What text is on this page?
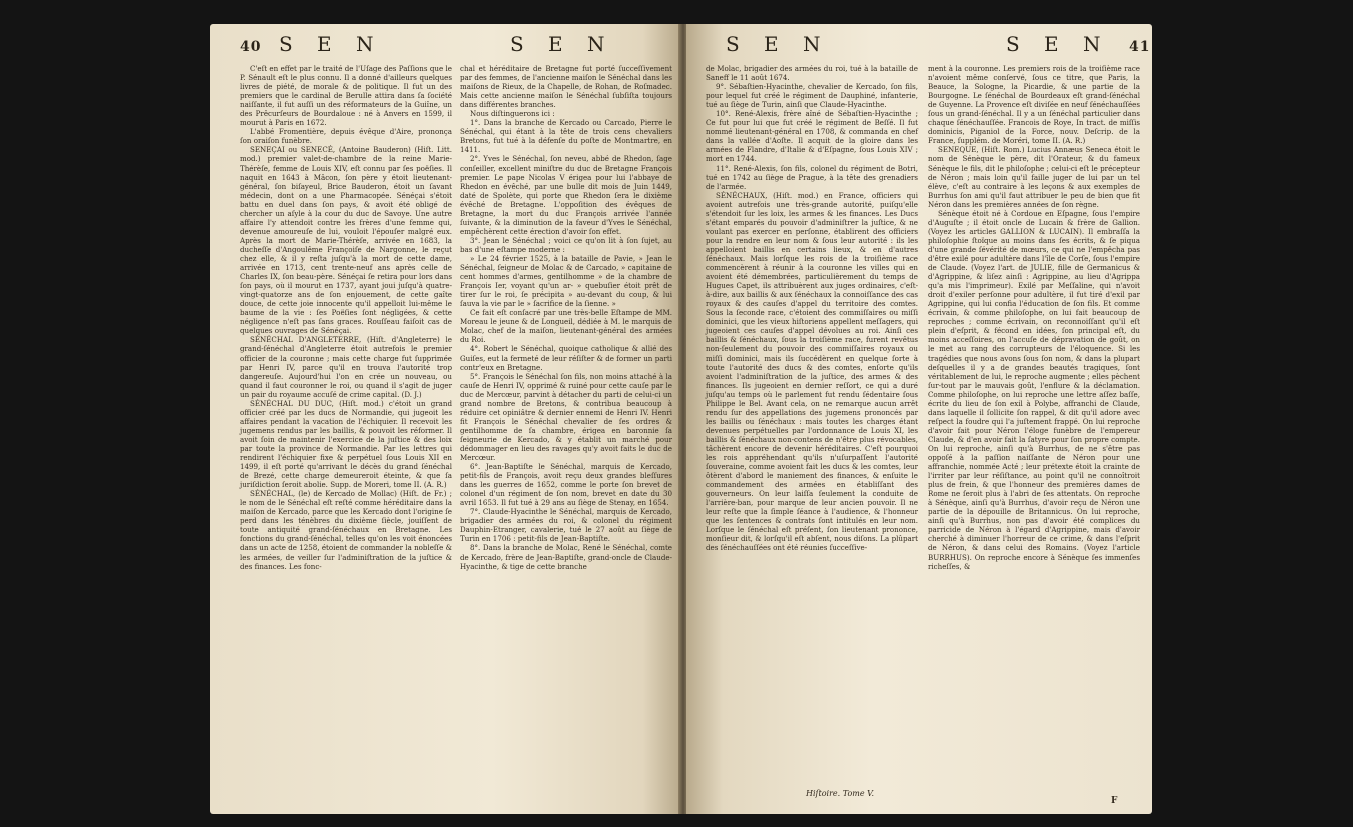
40 S E N	S E N

C'eſt en effet par le traité de l'Uſage des Paſſions que le P. Sénault eſt le plus connu. Il a donné d'ailleurs quelques livres de piété, de morale & de politique. Il fut un des premiers que le cardinal de Berulle attira dans ſa ſociété naiſſante, il fut auſſi un des réformateurs de la Guiîne, un des Prêcurſeurs de Bourdaloue : né à Anvers en 1599, il mourut à Paris en 1672.

L'abbé Fromentière, depuis évêque d'Aire, prononça ſon oraiſon funèbre.

SENEÇAI ou SENECÉ, (Antoine Bauderon) (Hiſt. Litt. mod.) premier valet-de-chambre de la reine Marie-Thérèſe, femme de Louis XIV, eſt connu par ſes poëſies. Il naquit en 1643 à Mâcon, ſon père y étoit lieutenant-général, ſon biſayeul, Brice Bauderon, étoit un ſavant médecin, dont on a une Pharmacopée. Sénéçai s'étoit battu en duel dans ſon pays, & avoit été obligé de chercher un aſyle à la cour du duc de Savoye. Une autre affaire l'y attendoit contre les frères d'une femme qui, devenue amoureuſe de lui, vouloit l'épouſer malgré eux. Après la mort de Marie-Thérèſe, arrivée en 1683, la ducheſſe d'Angoulême Françoiſe de Nargonne, le reçut chez elle, & il y reſta juſqu'à la mort de cette dame, arrivée en 1713, cent trente-neuf ans après celle de Charles IX, ſon beau-père. Sénéçai ſe retira pour lors dans ſon pays, où il mourut en 1737, ayant joui juſqu'à quatre-vingt-quatorze ans de ſon enjouement, de cette gaîte douce, de cette joie innocente qu'il appelloit lui-même le baume de la vie : ſes Poëſies ſont négligées, & cette négligence n'eſt pas ſans graces. Rouſſeau faiſoit cas de quelques ouvrages de Sénéçai.

SÉNÉCHAL D'ANGLETERRE, (Hiſt. d'Angleterre) le grand-ſénéchal d'Angleterre étoit autrefois le premier officier de la couronne ; mais cette charge fut ſupprimée par Henri IV, parce qu'il en trouva l'autorité trop dangereuſe. Aujourd'hui l'on en crée un nouveau, ou quand il faut couronner le roi, ou quand il s'agit de juger un pair du royaume accuſé de crime capital. (D. J.)

SÉNÉCHAL DU DUC, (Hiſt. mod.) c'étoit un grand officier créé par les ducs de Normandie, qui jugeoit les affaires pendant la vacation de l'échiquier. Il recevoit les jugemens rendus par les baillis, & pouvoit les réformer. Il avoit ſoin de maintenir l'exercice de la juſtice & des loix par toute la province de Normandie. Par les lettres qui rendirent l'échiquier fixe & perpétuel ſous Louis XII en 1499, il eſt porté qu'arrivant le décès du grand ſénéchal de Brezé, cette charge demeureroit éteinte, & que ſa juriſdiction ſeroit abolie. Supp. de Moreri, tome II. (A. R.)

SÉNÉCHAL, (le) de Kercado de Mollac) (Hiſt. de Fr.) ; le nom de le Sénéchal eſt reſté comme héréditaire dans la maiſon de Kercado, parce que les Kercado dont l'origine ſe perd dans les ténèbres du dixième ſiècle, jouiſſent de toute antiquité grand-ſénéchaux en Bretagne. Les fonctions du grand-ſénéchal, telles qu'on les voit énoncées dans un acte de 1258, étoient de commander la nobleſſe & les armées, de veiller ſur l'adminiſtration de la juſtice & des finances. Les fonc-

chal et héréditaire de Bretagne fut porté ſucceſſivement par des femmes, de l'ancienne maiſon le Sénéchal dans les maiſons de Rieux, de la Chapelle, de Rohan, de Roſmadec. Mais cette ancienne maiſon le Sénéchal ſubſiſta toujours dans différentes branches.

Nous diſtinguerons ici :

1°. Dans la branche de Kercado ou Carcado, Pierre le Sénéchal, qui étant à la tête de trois cens chevaliers Bretons, fut tué à la défenſe du poſte de Montmartre, en 1411.

2°. Yves le Sénéchal, ſon neveu, abbé de Rhedon, ſage conſeiller, excellent miniſtre du duc de Bretagne François premier. Le pape Nicolas V érigea pour lui l'abbaye de Rhedon en évêché, par une bulle dit mois de Juin 1449, daté de Spolète, qui porte que Rhedon ſera le dixième évêché de Bretagne. L'oppoſition des évêques de Bretagne, la mort du duc François arrivée l'année ſuivante, & la diminution de la faveur d'Yves le Sénéchal, empêchèrent cette érection d'avoir ſon effet.

3°. Jean le Sénéchal ; voici ce qu'on lit à ſon ſujet, au bas d'une eſtampe moderne :

» Le 24 février 1525, à la bataille de Pavie, » Jean le Sénéchal, ſeigneur de Molac & de Carcado, » capitaine de cent hommes d'armes, gentilhomme » de la chambre de François Ier, voyant qu'un ar- » quebuſier étoit prêt de tirer ſur le roi, ſe précipita » au-devant du coup, & lui ſauva la vie par le » ſacrifice de la ſienne. »

Ce fait eſt conſacré par une très-belle Eſtampe de MM. Moreau le jeune & de Longueil, dédiée à M. le marquis de Molac, chef de la maiſon, lieutenant-général des armées du Roi.

4°. Robert le Sénéchal, quoique catholique & allié des Guiſes, eut la fermeté de leur réſiſter & de former un parti contr'eux en Bretagne.

5°. François le Sénéchal ſon fils, non moins attaché à la cauſe de Henri IV, opprimé & ruiné pour cette cauſe par le duc de Mercœur, parvint à détacher du parti de celui-ci un grand nombre de Bretons, & contribua beaucoup à réduire cet opiniâtre & dernier ennemi de Henri IV. Henri fit François le Sénéchal chevalier de ſes ordres & gentilhomme de ſa chambre, érigea en baronnie ſa ſeigneurie de Kercado, & y établit un marché pour dédommager en lieu des ravages qu'y avoit faits le duc de Mercœur.

6°. Jean-Baptiſte le Sénéchal, marquis de Kercado, petit-fils de François, avoit reçu deux grandes bleſſures dans les guerres de 1652, comme le porte ſon brevet de colonel d'un régiment de ſon nom, brevet en date du 30 avril 1653. Il fut tué à 29 ans au ſiège de Stenay, en 1654.

7°. Claude-Hyacinthe le Sénéchal, marquis de Kercado, brigadier des armées du roi, & colonel du régiment Dauphin-Etranger, cavalerie, tué le 27 août au ſiège de Turin en 1706 : petit-fils de Jean-Baptiſte.

8°. Dans la branche de Molac, René le Sénéchal, comte de Kercado, frère de Jean-Baptiſte, grand-oncle de Claude-Hyacinthe, & tige de cette branche

S E N	S E N 41

de Molac, brigadier des armées du roi, tué à la bataille de Saneff le 11 août 1674.

9°. Sébaſtien-Hyacinthe, chevalier de Kercado, ſon fils, pour lequel fut créé le régiment de Dauphiné, infanterie, tué au ſiège de Turin, ainſi que Claude-Hyacinthe.

10°. René-Alexis, frère aîné de Sébaſtien-Hyacinthe ; Ce fut pour lui que fut créé le régiment de Beſſé. Il fut nommé lieutenant-général en 1708, & commanda en chef dans la vallée d'Aoſte. Il acquit de la gloire dans les armées de Flandre, d'Italie & d'Eſpagne, ſous Louis XIV ; mort en 1744.

11°. René-Alexis, ſon fils, colonel du régiment de Botri, tué en 1742 au ſiège de Prague, à la tête des grenadiers de l'armée.

SÉNÉCHAUX, (Hiſt. mod.) en France, officiers qui avoient autrefois une très-grande autorité, puiſqu'elle s'étendoit ſur les loix, les armes & les finances. Les Ducs s'étant emparés du pouvoir d'adminiſtrer la juſtice, & ne voulant pas exercer en perſonne, établirent des officiers pour la rendre en leur nom & ſous leur autorité : ils les appelloient baillis en certains lieux, & en d'autres ſénéchaux. Mais lorſque les rois de la troiſième race commencèrent à réunir à la couronne les villes qui en avoient été démembrées, particulièrement du temps de Hugues Capet, ils attribuèrent aux juges ordinaires, c'eſt-à-dire, aux baillis & aux ſénéchaux la connoiſſance des cas royaux & des cauſes d'appel du territoire des comtes. Sous la ſeconde race, c'étoient des commiſſaires ou miſſi dominici, que les vieux hiſtoriens appellent meſſagers, qui jugeoient ces cauſes d'appel dévolues au roi. Ainſi ces baillis & ſénéchaux, ſous la troiſième race, furent revêtus non-ſeulement du pouvoir des commiſſaires royaux ou miſſi dominici, mais ils ſuccédèrent en quelque ſorte à toute l'autorité des ducs & des comtes, enſorte qu'ils avoient l'adminiſtration de la juſtice, des armes & des finances. Ils jugeoient en dernier reſſort, ce qui a duré juſqu'au temps où le parlement fut rendu ſédentaire ſous Philippe le Bel. Avant cela, on ne remarque aucun arrêt rendu ſur des appellations des jugemens prononcés par les baillis ou ſénéchaux : mais toutes les charges étant devenues perpétuelles par l'ordonnance de Louis XI, les baillis & ſénéchaux non-contens de n'être plus révocables, tâchèrent encore de devenir héréditaires. C'eſt pourquoi les rois appréhendant qu'ils n'uſurpaſſent l'autorité ſouveraine, comme avoient fait les ducs & les comtes, leur ôtèrent d'abord le maniement des finances, & enſuite le commandement des armées en établiſſant des gouverneurs. On leur laiſſa ſeulement la conduite de l'arrière-ban, pour marque de leur ancien pouvoir. Il ne leur reſte que la ſimple ſéance à l'audience, & l'honneur que les ſentences & contrats ſont intitulés en leur nom. Lorſque le ſénéchal eſt préſent, ſon lieutenant prononce, monſieur dit, & lorſqu'il eſt abſent, nous diſons. La plûpart des ſénéchauſſées ont été réunies ſucceſſive-

ment à la couronne. Les premiers rois de la troiſième race n'avoient même conſervé, ſous ce titre, que Paris, la Beauce, la Sologne, la Picardie, & une partie de la Bourgogne. Le ſénéchal de Bourdeaux eſt grand-ſénéchal de Guyenne. La Provence eſt diviſée en neuf ſénéchauſſées ſous un grand-ſénéchal. Il y a un ſénéchal particulier dans chaque ſénéchauſſée. Francois de Roye, In tract. de miſſis dominicis, Piganiol de la Force, nouv. Deſcrip. de la France, ſupplém. de Moréri, tome II. (A. R.)

SENEQUE, (Hiſt. Rom.) Lucius Annæus Seneca étoit le nom de Sénèque le père, dit l'Orateur, & du fameux Sénèque le fils, dit le philoſophe ; celui-ci eſt le précepteur de Néron ; mais loin qu'il faille juger de lui par un tel élève, c'eſt au contraire à les leçons & aux exemples de Burrhus ſon ami qu'il faut attribuer le peu de bien que fit Néron dans les premières années de ſon règne.

Sénèque étoit né à Cordoue en Eſpagne, ſous l'empire d'Auguſte ; il étoit oncle de Lucain & frère de Gallion. (Voyez les articles GALLION & LUCAIN). Il embraſſa la philoſophie ſtoïque au moins dans ſes écrits, & ſe piqua d'une grande ſévérité de mœurs, ce qui ne l'empêcha pas d'être exilé pour adultère dans l'île de Corſe, ſous l'empire de Claude. (Voyez l'art. de JULIE, fille de Germanicus & d'Agrippine, & liſez ainſi : Agrippine, au lieu d'Agrippa qu'a mis l'imprimeur). Exilé par Meſſaline, qui n'avoit droit d'exiler perſonne pour adultère, il fut tiré d'exil par Agrippine, qui lui confia l'éducation de ſon fils. Et comme écrivain, & comme philoſophe, on lui fait beaucoup de reproches ; comme écrivain, on reconnoiſſant qu'il eſt plein d'eſprit, & fécond en idées, ſon principal eſt, du moins acceſſoires, on l'accuſe de dépravation de goût, on le met au rang des corrupteurs de l'éloquence. Si les tragédies que nous avons ſous ſon nom, & dans la plupart deſquelles il y a de grandes beautés tragiques, ſont véritablement de lui, le reproche augmente ; elles pèchent ſur-tout par le mauvais goût, l'enflure & la déclamation. Comme philoſophe, on lui reproche une lettre aſſez baſſe, écrite du lieu de ſon exil à Polybe, affranchi de Claude, dans laquelle il ſollicite ſon rappel, & dit qu'il adore avec reſpect la foudre qui l'a juſtement frappé. On lui reproche d'avoir fait pour Néron l'éloge funèbre de l'empereur Claude, & d'en avoir fait la ſatyre pour ſon propre compte. On lui reproche, ainſi qu'à Burrhus, de ne s'être pas oppoſé à la paſſion naiſſante de Néron pour une affranchie, nommée Acté ; leur prétexte étoit la crainte de l'irriter par leur réſiſtance, au point qu'il ne connoîtroit plus de frein, & que l'honneur des premières dames de Rome ne ſeroit plus à l'abri de ſes attentats. On reproche à Sénèque, ainſi qu'à Burrhus, d'avoir reçu de Néron une partie de la dépouille de Britannicus. On lui reproche, ainſi qu'à Burrhus, non pas d'avoir été complices du parricide de Néron à l'égard d'Agrippine, mais d'avoir cherché à diminuer l'horreur de ce crime, & dans l'eſprit de Néron, & dans celui des Romains. (Voyez l'article BURRHUS). On reproche encore à Sénèque ſes immenſes richeſſes, &

Hiſtoire. Tome V.
F
